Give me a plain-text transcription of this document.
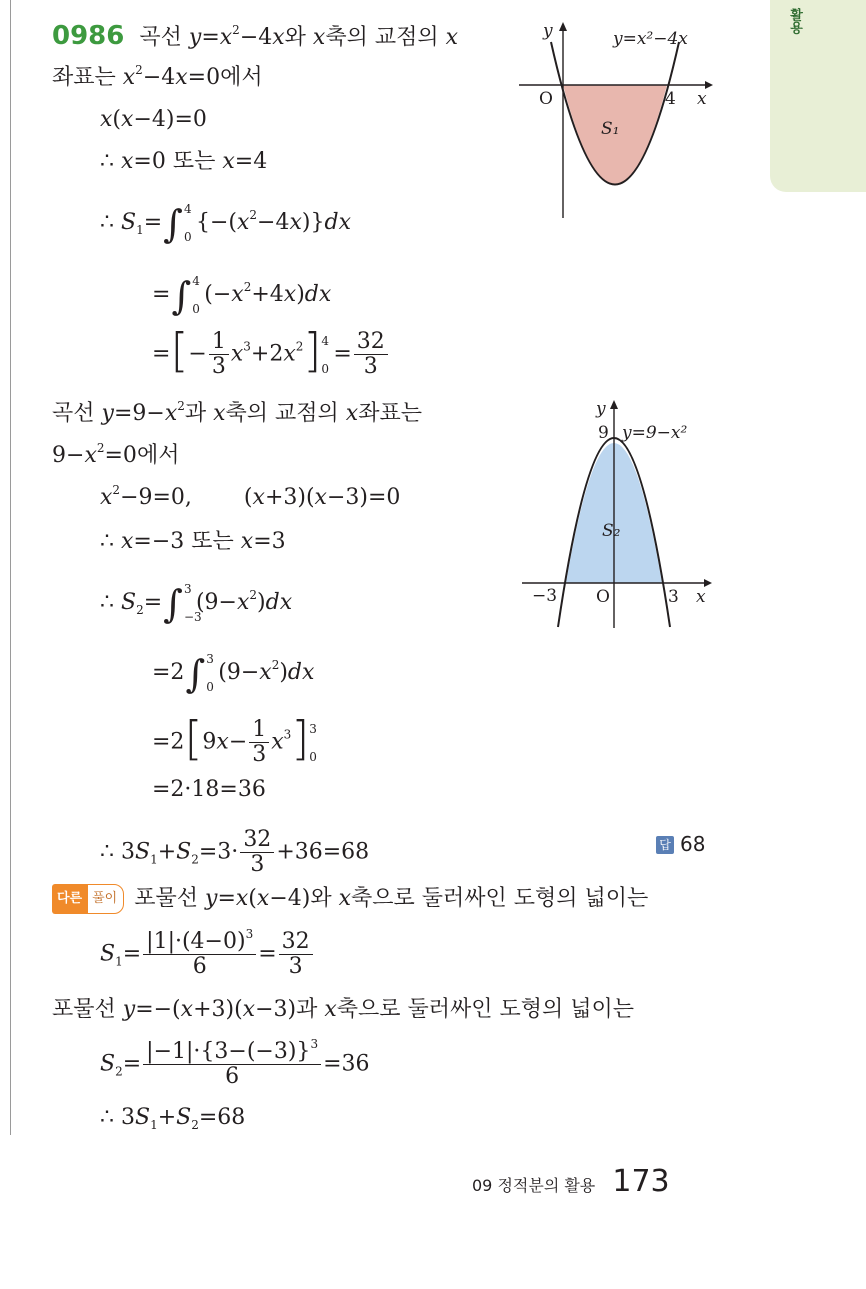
활용
0986 곡선 $y=x^2-4x$와 x축의 교점의 x
좌표는 $x^2-4x=0$에서
x(x−4)=0
∴ x=0 또는 x=4
∴ $S_1=\int$ 4
0
$\{-(x^2-4x)\}dx$
=∫ 4
0
$(-x^2+4x)dx$
=[− $\frac{1}{3} x^3+2x^2$] 4
0
= $\frac{32}{3}$
y	y=x²−4x
O	4 x
S₁
곡선 $y=9-x^2$과 x축의 교점의 x좌표는
$9-x^2=0$에서
$x^2-9=0$, (x+3)(x−3)=0
∴ x=−3 또는 x=3
∴ $S_2=\int$ 3
−3
$(9-x^2)dx$
=2∫ 3
0
$(9-x^2)dx$
$=2[9x- \frac{1}{3} x^3]$ 3
0
=2·18=36
∴ $3S_1+S_2=3\cdot \frac{32}{3} +36=68$	답 68
y
9 y=9−x²
S₂
−3 O	3 x
다른 풀이 포물선 y=x(x−4)와 x축으로 둘러싸인 도형의 넓이는
$S_1= \frac{|1|\cdot(4-0)^3}{6} = \frac{32}{3}$
포물선 y=−(x+3)(x−3)과 x축으로 둘러싸인 도형의 넓이는
$S_2= \frac{|-1|\cdot\{3-(-3)\}^3}{6} =36$
∴ $3S_1+S_2=68$
09 정적분의 활용 173
